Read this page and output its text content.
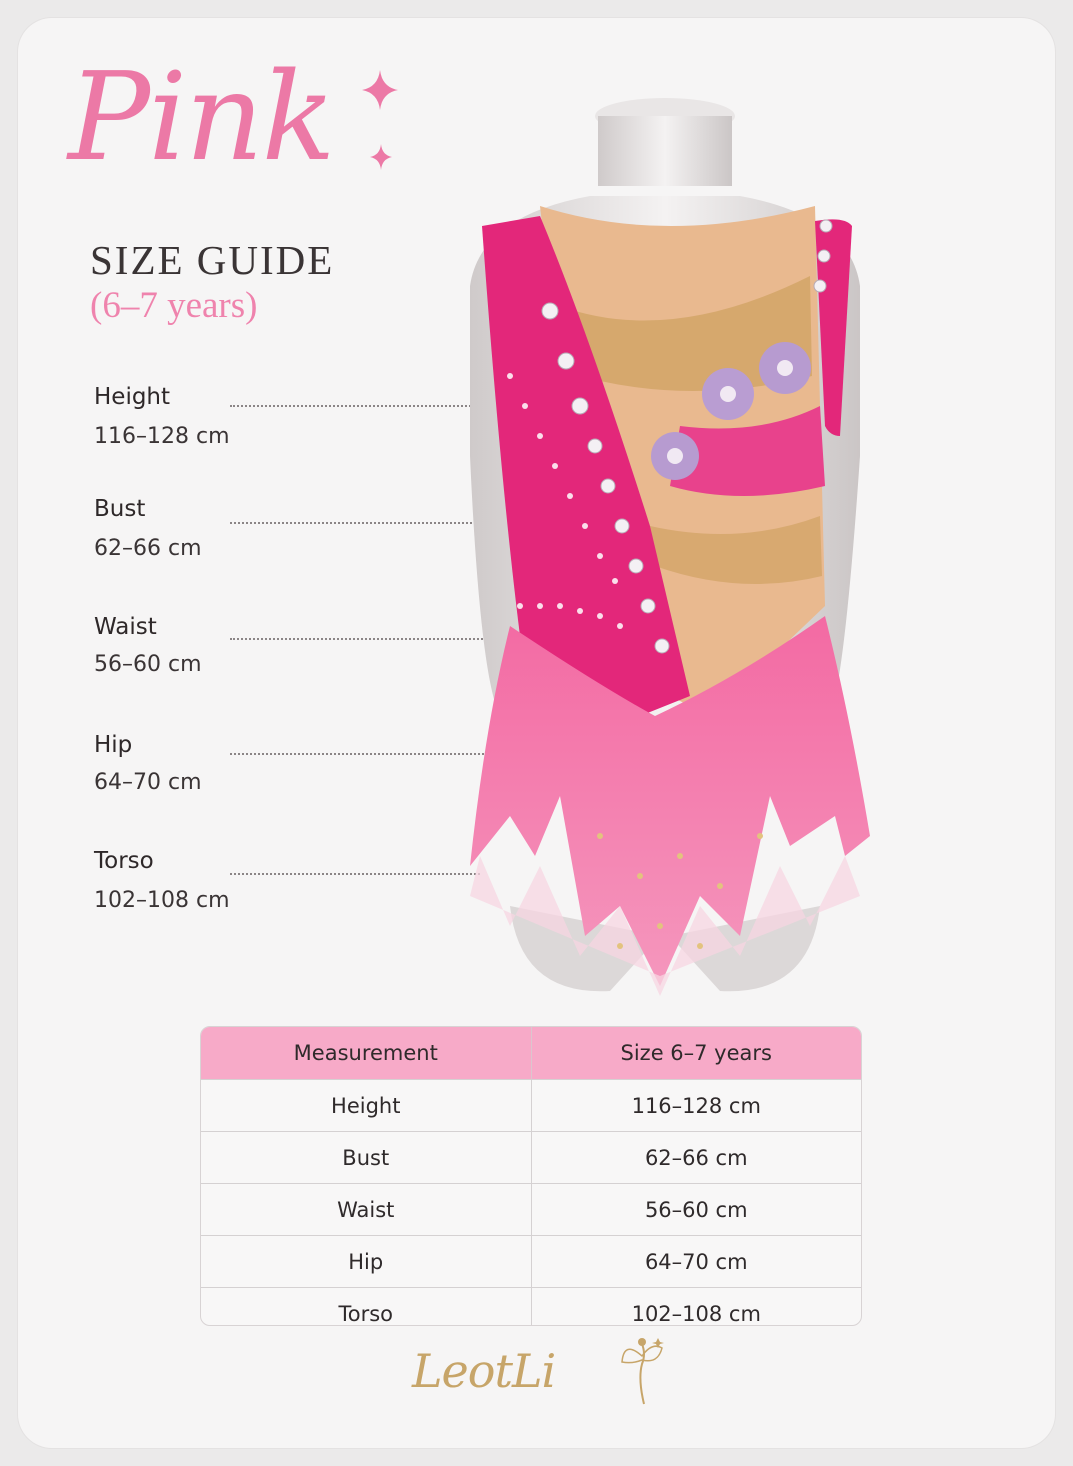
Pink
SIZE GUIDE
(6–7 years)
Height
116–128 cm
Bust
62–66 cm
Waist
56–60 cm
Hip
64–70 cm
Torso
102–108 cm
Measurement	Size 6–7 years
Height	116–128 cm
Bust	62–66 cm
Waist	56–60 cm
Hip	64–70 cm
Torso	102–108 cm
LeotLi
